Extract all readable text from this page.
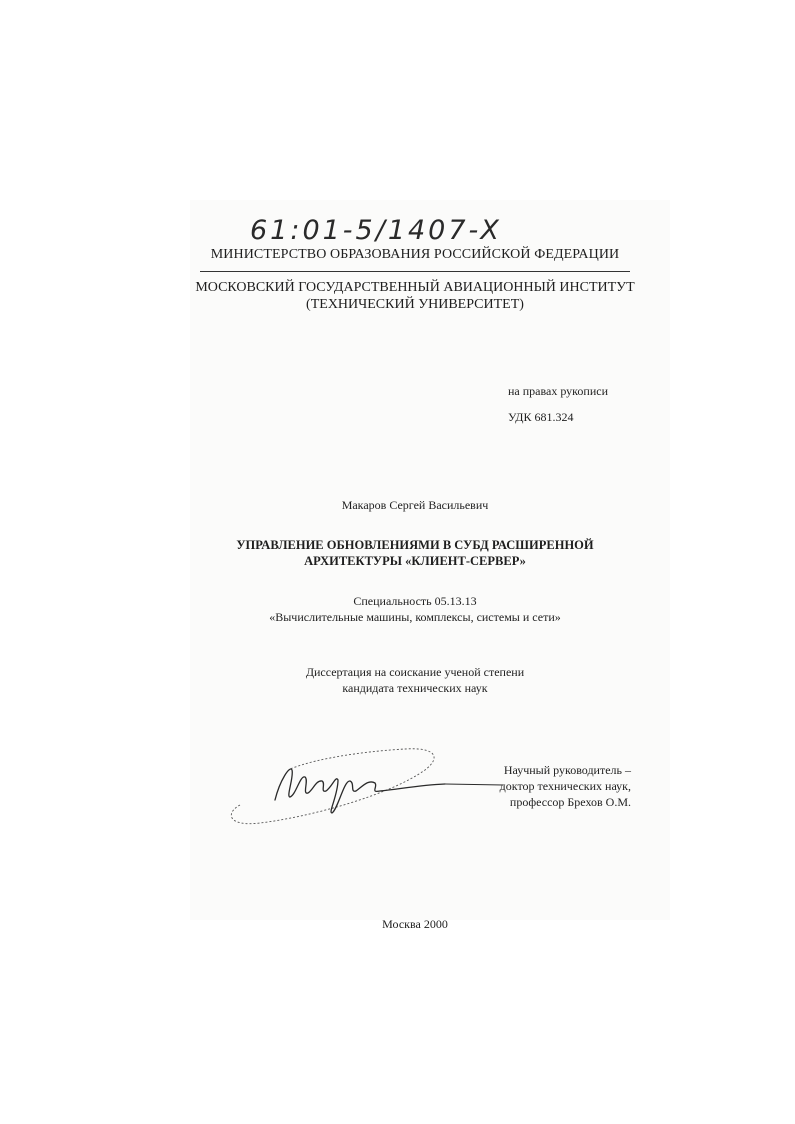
61:01-5/1407-X
МИНИСТЕРСТВО ОБРАЗОВАНИЯ РОССИЙСКОЙ ФЕДЕРАЦИИ
МОСКОВСКИЙ ГОСУДАРСТВЕННЫЙ АВИАЦИОННЫЙ ИНСТИТУТ
(ТЕХНИЧЕСКИЙ УНИВЕРСИТЕТ)
на правах рукописи
УДК 681.324
Макаров Сергей Васильевич
УПРАВЛЕНИЕ ОБНОВЛЕНИЯМИ В СУБД РАСШИРЕННОЙ
АРХИТЕКТУРЫ «КЛИЕНТ-СЕРВЕР»
Специальность 05.13.13
«Вычислительные машины, комплексы, системы и сети»
Диссертация на соискание ученой степени
кандидата технических наук
Научный руководитель –
доктор технических наук,
профессор Брехов О.М.
Москва 2000
